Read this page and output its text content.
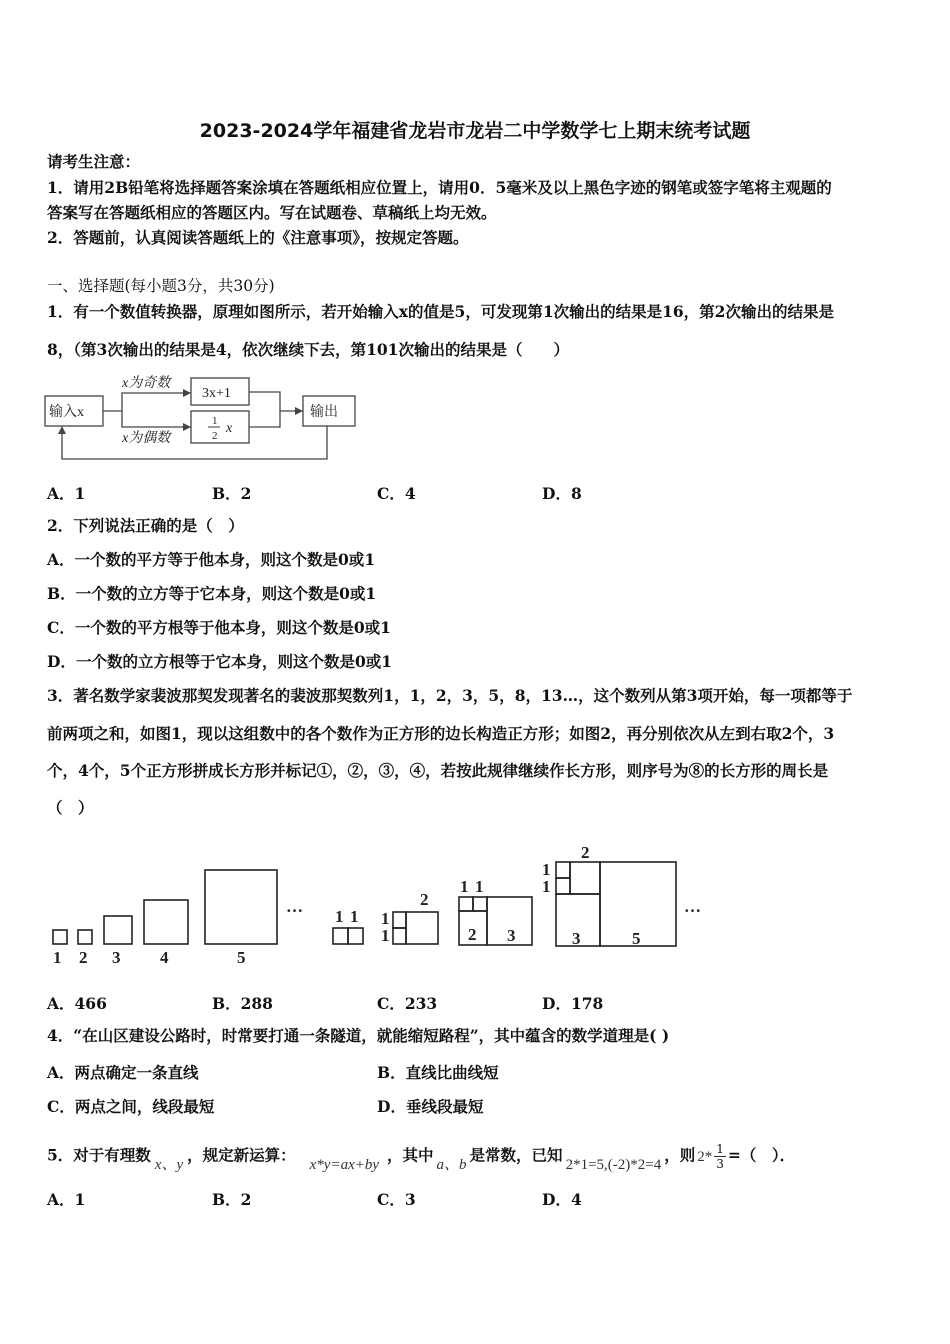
2023-2024学年福建省龙岩市龙岩二中学数学七上期末统考试题
请考生注意：
1．请用2B铅笔将选择题答案涂填在答题纸相应位置上，请用0．5毫米及以上黑色字迹的钢笔或签字笔将主观题的
答案写在答题纸相应的答题区内。写在试题卷、草稿纸上均无效。
2．答题前，认真阅读答题纸上的《注意事项》，按规定答题。
一、选择题(每小题3分，共30分)
1．有一个数值转换器，原理如图所示，若开始输入x的值是5，可发现第1次输出的结果是16，第2次输出的结果是
8，（第3次输出的结果是4，依次继续下去，第101次输出的结果是（　　）
输入x
x为奇数
x为偶数
3x+1
1
2 x
输出
A．1	B．2	C．4	D．8
2．下列说法正确的是（　）
A．一个数的平方等于他本身，则这个数是0或1
B．一个数的立方等于它本身，则这个数是0或1
C．一个数的平方根等于他本身，则这个数是0或1
D．一个数的立方根等于它本身，则这个数是0或1
3．著名数学家裴波那契发现著名的裴波那契数列1，1，2，3，5，8，13…，这个数列从第3项开始，每一项都等于
前两项之和，如图1，现以这组数中的各个数作为正方形的边长构造正方形；如图2，再分别依次从左到右取2个，3
个，4个，5个正方形拼成长方形并标记①，②，③，④，若按此规律继续作长方形，则序号为⑧的长方形的周长是
（　）
1 2 3 4	5
…
1 1 1
1
2
1 1
2 3
1
1
2
3	5
…
A．466	B．288	C．233	D．178
4．“在山区建设公路时，时常要打通一条隧道，就能缩短路程”，其中蕴含的数学道理是( )
A．两点确定一条直线	B．直线比曲线短
C．两点之间，线段最短	D．垂线段最短
5．对于有理数 x、y ，规定新运算： x*y=ax+by ，其中 a、b 是常数，已知 2*1=5,(-2)*2=4 ，则 $2* \frac{1}{3}$ =（　）．
A．1	B．2	C．3	D．4
